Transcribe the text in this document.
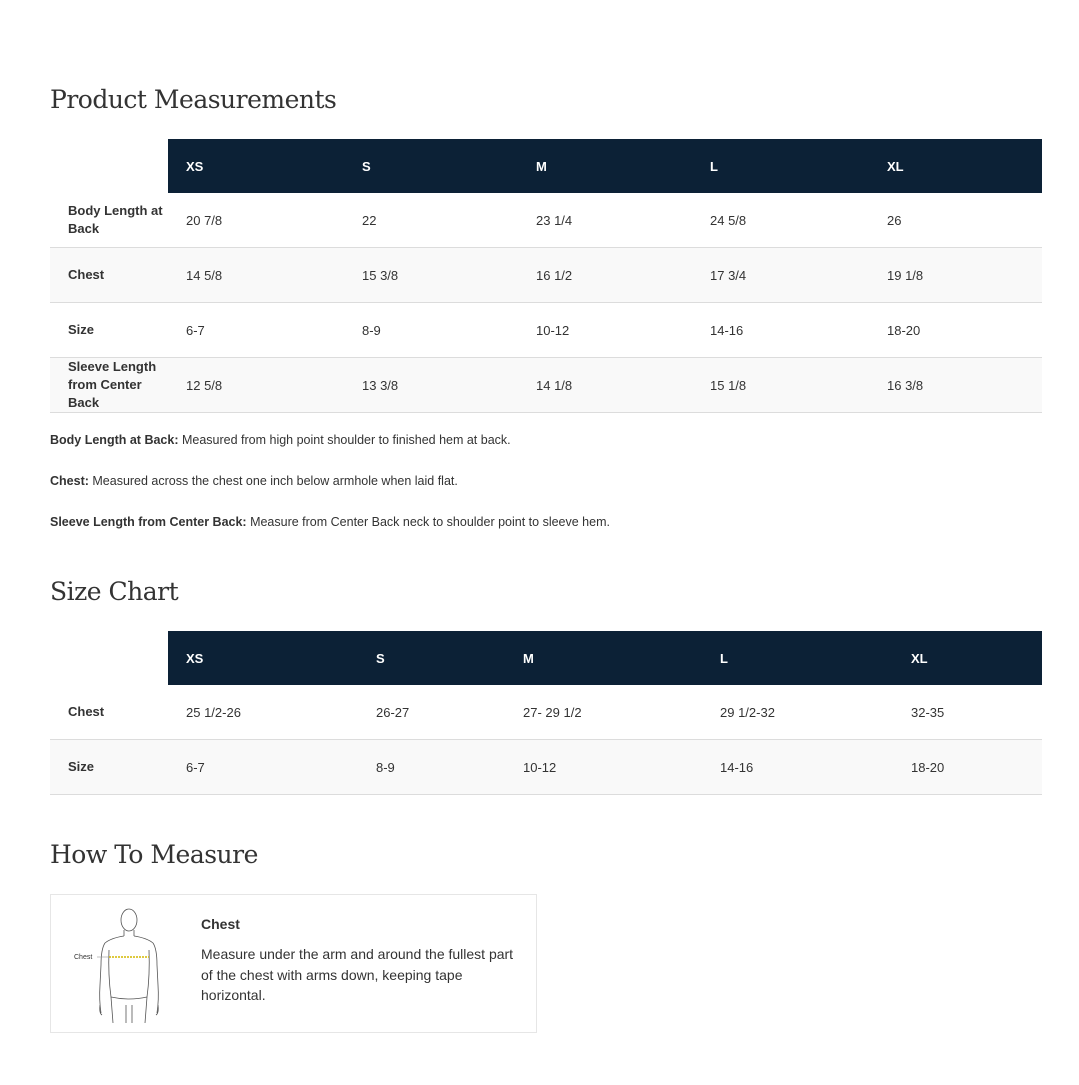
Product Measurements
	XS	S	M	L	XL
Body Length at Back	20 7/8	22	23 1/4	24 5/8	26
Chest	14 5/8	15 3/8	16 1/2	17 3/4	19 1/8
Size	6-7	8-9	10-12	14-16	18-20
Sleeve Length from Center Back	12 5/8	13 3/8	14 1/8	15 1/8	16 3/8

Body Length at Back: Measured from high point shoulder to finished hem at back.

Chest: Measured across the chest one inch below armhole when laid flat.

Sleeve Length from Center Back: Measure from Center Back neck to shoulder point to sleeve hem.

Size Chart
	XS	S	M	L	XL
Chest	25 1/2-26	26-27	27- 29 1/2	29 1/2-32	32-35
Size	6-7	8-9	10-12	14-16	18-20
How To Measure
Chest
Chest
Measure under the arm and around the fullest part of the chest with arms down, keeping tape horizontal.
